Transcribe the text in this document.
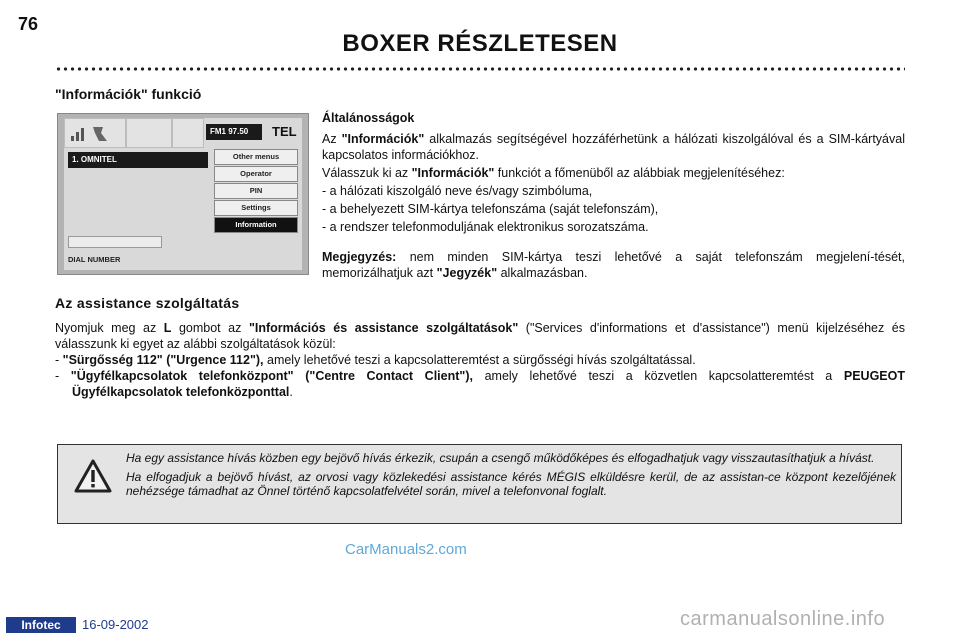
76
BOXER RÉSZLETESEN
"Információk" funkció
FM1 97.50	TEL
1. OMNITEL	Other menus
Operator
PIN
Settings
Information
DIAL NUMBER

Általánosságok

Az "Információk" alkalmazás segítségével hozzáférhetünk a hálózati kiszolgálóval és a SIM-kártyával kapcsolatos információkhoz.

Válasszuk ki az "Információk" funkciót a főmenüből az alábbiak megjelenítéséhez:

- a hálózati kiszolgáló neve és/vagy szimbóluma,

- a behelyezett SIM-kártya telefonszáma (saját telefonszám),

- a rendszer telefonmoduljának elektronikus sorozatszáma.

Megjegyzés: nem minden SIM-kártya teszi lehetővé a saját telefonszám megjelení-tését, memorizálhatjuk azt "Jegyzék" alkalmazásban.

Az assistance szolgáltatás

Nyomjuk meg az L gombot az "Információs és assistance szolgáltatások" ("Services d'informations et d'assistance") menü kijelzéséhez és válasszunk ki egyet az alábbi szolgáltatások közül:

- "Sürgősség 112" ("Urgence 112"), amely lehetővé teszi a kapcsolatteremtést a sürgősségi hívás szolgáltatással.

- "Ügyfélkapcsolatok telefonközpont" ("Centre Contact Client"), amely lehetővé teszi a közvetlen kapcsolatteremtést a PEUGEOT Ügyfélkapcsolatok telefonközponttal.

Ha egy assistance hívás közben egy bejövő hívás érkezik, csupán a csengő működőképes és elfogadhatjuk vagy visszautasíthatjuk a hívást.

Ha elfogadjuk a bejövő hívást, az orvosi vagy közlekedési assistance kérés MÉGIS elküldésre kerül, de az assistan-ce központ kezelőjének nehézsége támadhat az Önnel történő kapcsolatfelvétel során, mivel a telefonvonal foglalt.

CarManuals2.com
carmanualsonline.info
Infotec	16-09-2002
